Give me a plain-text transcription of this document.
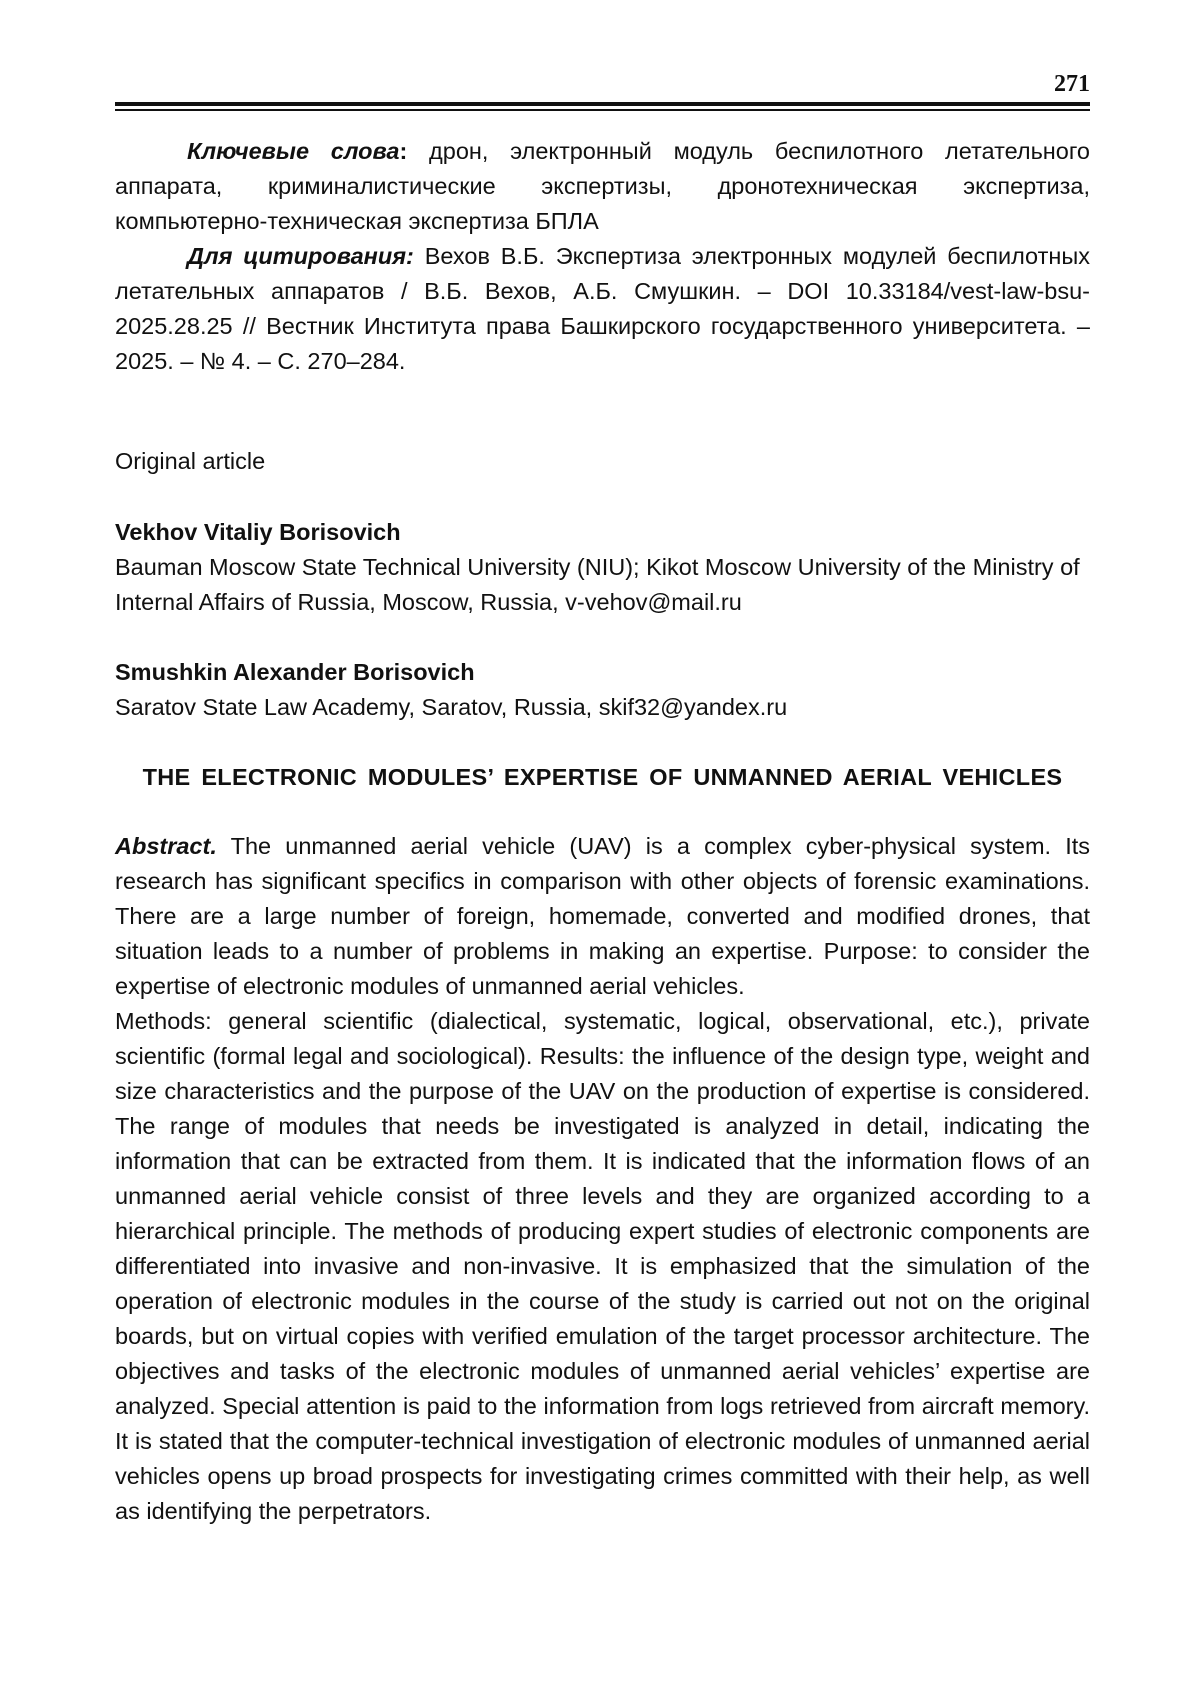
271

Ключевые слова: дрон, электронный модуль беспилотного летательного аппарата, криминалистические экспертизы, дронотехническая экспертиза, компьютерно-техническая экспертиза БПЛА

Для цитирования: Вехов В.Б. Экспертиза электронных модулей беспилотных летательных аппаратов / В.Б. Вехов, А.Б. Смушкин. – DOI 10.33184/vest-law-bsu-2025.28.25 // Вестник Института права Башкирского государственного университета. – 2025. – № 4. – С. 270–284.

Original article

Vekhov Vitaliy Borisovich

Bauman Moscow State Technical University (NIU); Kikot Moscow University of the Ministry of Internal Affairs of Russia, Moscow, Russia, v-vehov@mail.ru

Smushkin Alexander Borisovich

Saratov State Law Academy, Saratov, Russia, skif32@yandex.ru

THE ELECTRONIC MODULES’ EXPERTISE OF UNMANNED AERIAL VEHICLES

Abstract. The unmanned aerial vehicle (UAV) is a complex cyber-physical system. Its research has significant specifics in comparison with other objects of forensic examinations. There are a large number of foreign, homemade, converted and modified drones, that situation leads to a number of problems in making an expertise. Purpose: to consider the expertise of electronic modules of unmanned aerial vehicles.

Methods: general scientific (dialectical, systematic, logical, observational, etc.), private scientific (formal legal and sociological). Results: the influence of the design type, weight and size characteristics and the purpose of the UAV on the production of expertise is considered. The range of modules that needs be investigated is analyzed in detail, indicating the information that can be extracted from them. It is indicated that the information flows of an unmanned aerial vehicle consist of three levels and they are organized according to a hierarchical principle. The methods of producing expert studies of electronic components are differentiated into invasive and non-invasive. It is emphasized that the simulation of the operation of electronic modules in the course of the study is carried out not on the original boards, but on virtual copies with verified emulation of the target processor architecture. The objectives and tasks of the electronic modules of unmanned aerial vehicles’ expertise are analyzed. Special attention is paid to the information from logs retrieved from aircraft memory. It is stated that the computer-technical investigation of electronic modules of unmanned aerial vehicles opens up broad prospects for investigating crimes committed with their help, as well as identifying the perpetrators.
